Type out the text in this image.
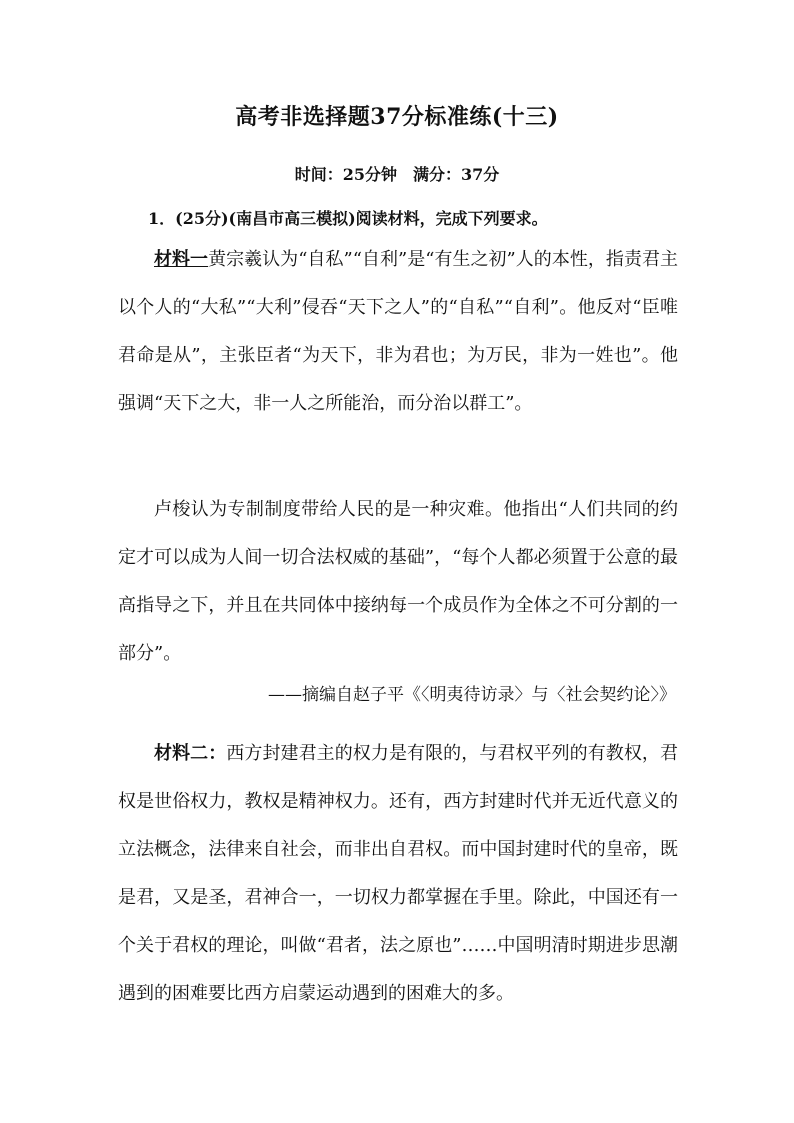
高考非选择题37分标准练(十三)
时间：25分钟　满分：37分
1．(25分)(南昌市高三模拟)阅读材料，完成下列要求。
材料一黄宗羲认为“自私”“自利”是“有生之初”人的本性，指责君主以个人的“大私”“大利”侵吞“天下之人”的“自私”“自利”。他反对“臣唯君命是从”，主张臣者“为天下，非为君也；为万民，非为一姓也”。他强调“天下之大，非一人之所能治，而分治以群工”。
卢梭认为专制制度带给人民的是一种灾难。他指出“人们共同的约定才可以成为人间一切合法权威的基础”，“每个人都必须置于公意的最高指导之下，并且在共同体中接纳每一个成员作为全体之不可分割的一部分”。
——摘编自赵子平《〈明夷待访录〉与〈社会契约论〉》
材料二：西方封建君主的权力是有限的，与君权平列的有教权，君权是世俗权力，教权是精神权力。还有，西方封建时代并无近代意义的立法概念，法律来自社会，而非出自君权。而中国封建时代的皇帝，既是君，又是圣，君神合一，一切权力都掌握在手里。除此，中国还有一个关于君权的理论，叫做“君者，法之原也”……中国明清时期进步思潮遇到的困难要比西方启蒙运动遇到的困难大的多。
